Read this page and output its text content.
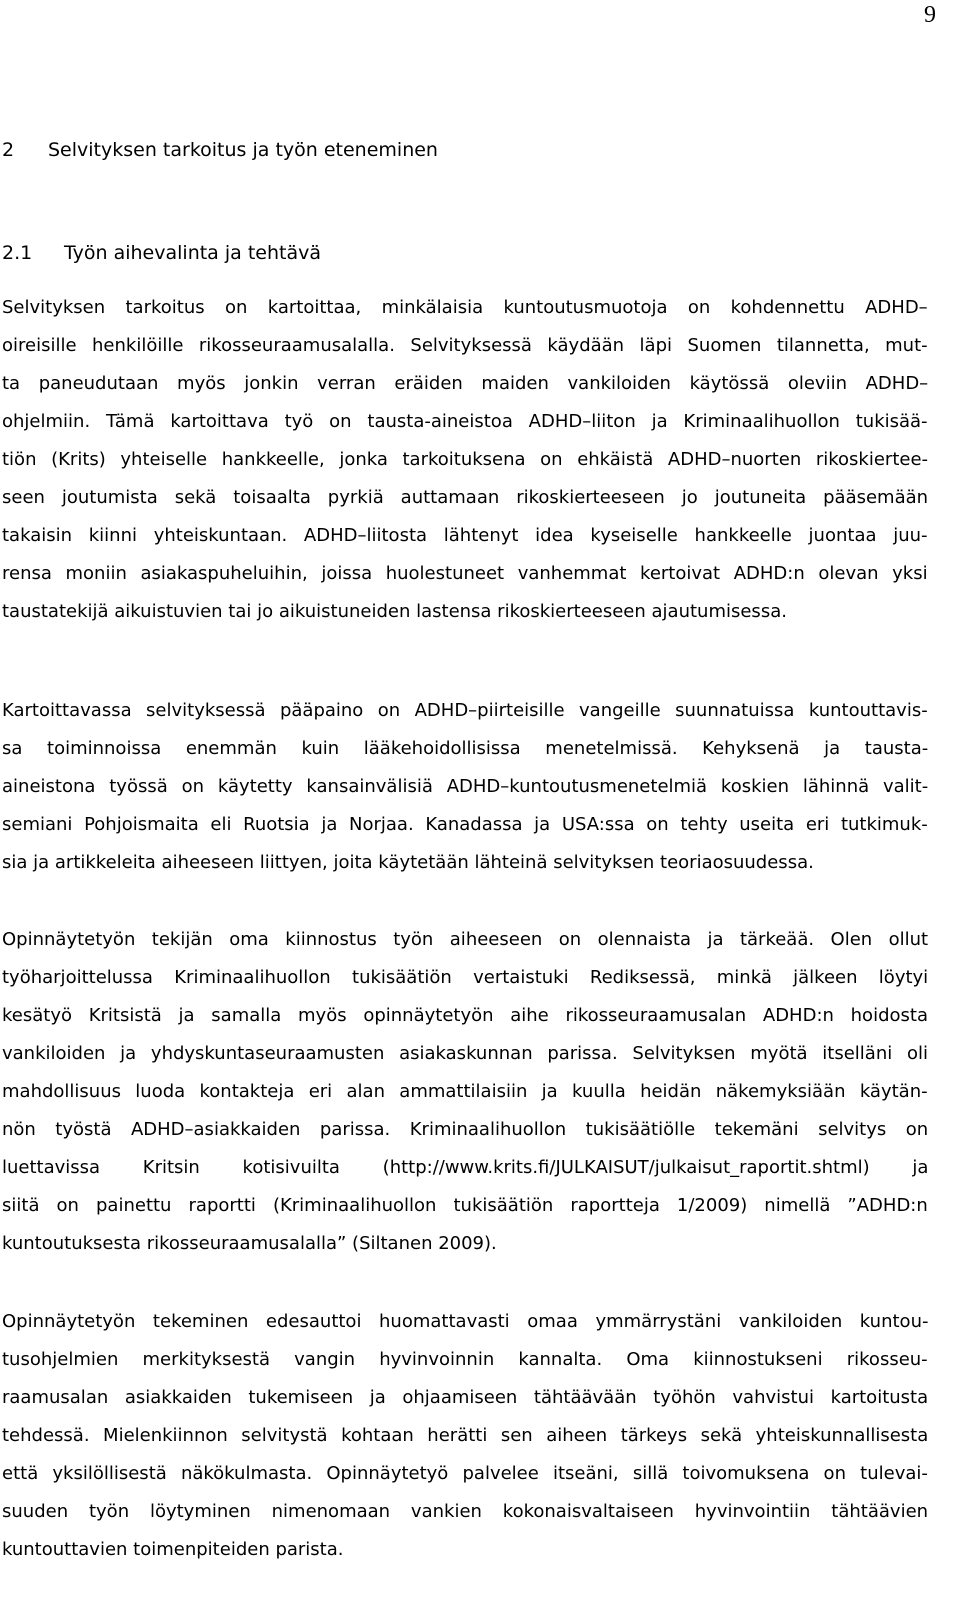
9
2 Selvityksen tarkoitus ja työn eteneminen
2.1 Työn aihevalinta ja tehtävä
Selvityksen tarkoitus on kartoittaa, minkälaisia kuntoutusmuotoja on kohdennettu ADHD–
oireisille henkilöille rikosseuraamusalalla. Selvityksessä käydään läpi Suomen tilannetta, mut-
ta paneudutaan myös jonkin verran eräiden maiden vankiloiden käytössä oleviin ADHD–
ohjelmiin. Tämä kartoittava työ on tausta-aineistoa ADHD–liiton ja Kriminaalihuollon tukisää-
tiön (Krits) yhteiselle hankkeelle, jonka tarkoituksena on ehkäistä ADHD–nuorten rikoskiertee-
seen joutumista sekä toisaalta pyrkiä auttamaan rikoskierteeseen jo joutuneita pääsemään
takaisin kiinni yhteiskuntaan. ADHD–liitosta lähtenyt idea kyseiselle hankkeelle juontaa juu-
rensa moniin asiakaspuheluihin, joissa huolestuneet vanhemmat kertoivat ADHD:n olevan yksi
taustatekijä aikuistuvien tai jo aikuistuneiden lastensa rikoskierteeseen ajautumisessa.
Kartoittavassa selvityksessä pääpaino on ADHD–piirteisille vangeille suunnatuissa kuntouttavis-
sa toiminnoissa enemmän kuin lääkehoidollisissa menetelmissä. Kehyksenä ja tausta-
aineistona työssä on käytetty kansainvälisiä ADHD–kuntoutusmenetelmiä koskien lähinnä valit-
semiani Pohjoismaita eli Ruotsia ja Norjaa. Kanadassa ja USA:ssa on tehty useita eri tutkimuk-
sia ja artikkeleita aiheeseen liittyen, joita käytetään lähteinä selvityksen teoriaosuudessa.
Opinnäytetyön tekijän oma kiinnostus työn aiheeseen on olennaista ja tärkeää. Olen ollut
työharjoittelussa Kriminaalihuollon tukisäätiön vertaistuki Rediksessä, minkä jälkeen löytyi
kesätyö Kritsistä ja samalla myös opinnäytetyön aihe rikosseuraamusalan ADHD:n hoidosta
vankiloiden ja yhdyskuntaseuraamusten asiakaskunnan parissa. Selvityksen myötä itselläni oli
mahdollisuus luoda kontakteja eri alan ammattilaisiin ja kuulla heidän näkemyksiään käytän-
nön työstä ADHD–asiakkaiden parissa. Kriminaalihuollon tukisäätiölle tekemäni selvitys on
luettavissa Kritsin kotisivuilta (http://www.krits.fi/JULKAISUT/julkaisut_raportit.shtml) ja
siitä on painettu raportti (Kriminaalihuollon tukisäätiön raportteja 1/2009) nimellä ”ADHD:n
kuntoutuksesta rikosseuraamusalalla” (Siltanen 2009).
Opinnäytetyön tekeminen edesauttoi huomattavasti omaa ymmärrystäni vankiloiden kuntou-
tusohjelmien merkityksestä vangin hyvinvoinnin kannalta. Oma kiinnostukseni rikosseu-
raamusalan asiakkaiden tukemiseen ja ohjaamiseen tähtäävään työhön vahvistui kartoitusta
tehdessä. Mielenkiinnon selvitystä kohtaan herätti sen aiheen tärkeys sekä yhteiskunnallisesta
että yksilöllisestä näkökulmasta. Opinnäytetyö palvelee itseäni, sillä toivomuksena on tulevai-
suuden työn löytyminen nimenomaan vankien kokonaisvaltaiseen hyvinvointiin tähtäävien
kuntouttavien toimenpiteiden parista.
